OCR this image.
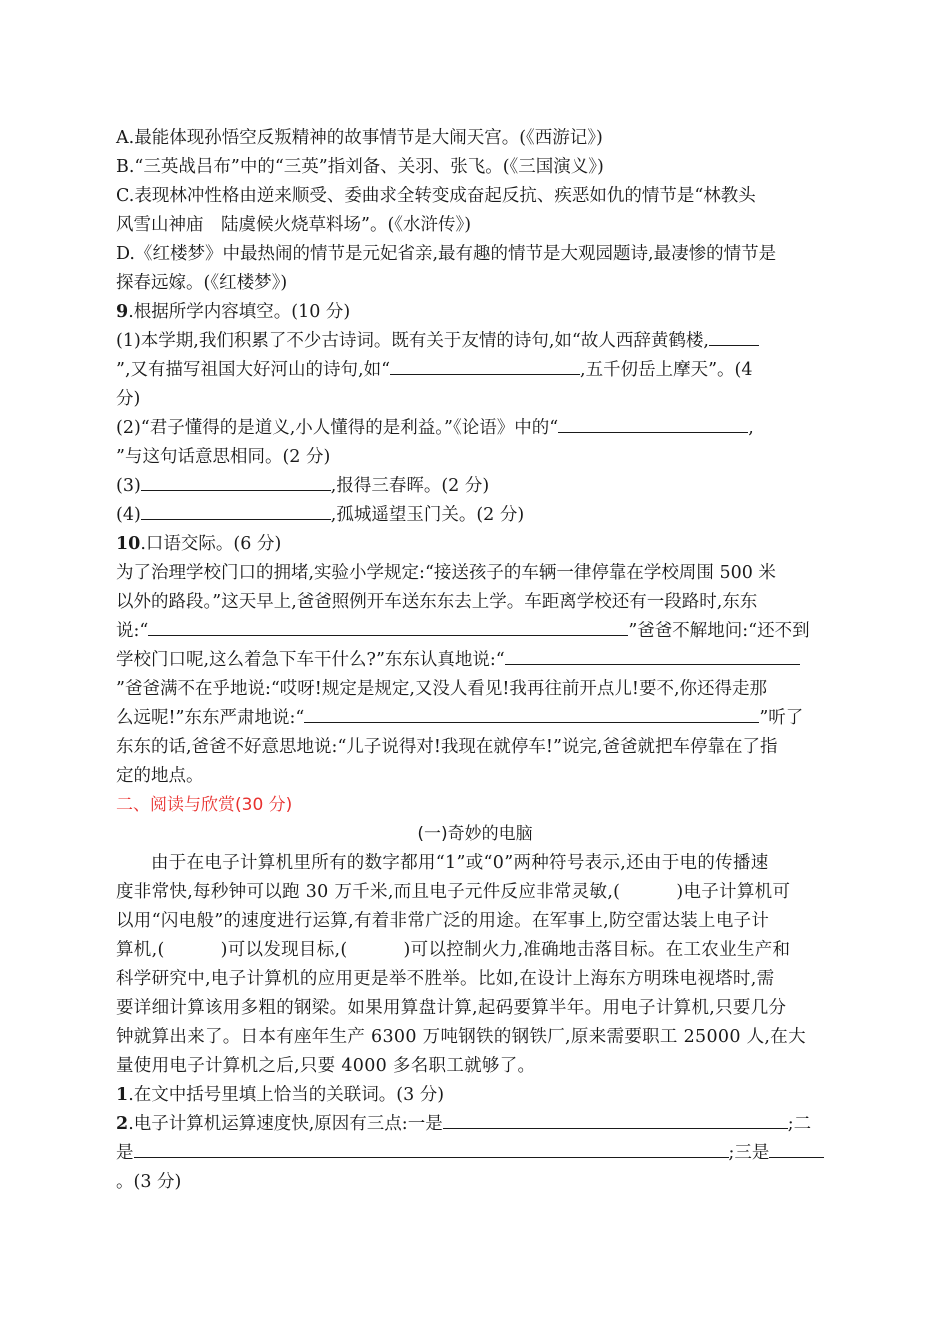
A.最能体现孙悟空反叛精神的故事情节是大闹天宫。(《西游记》)
B.“三英战吕布”中的“三英”指刘备、关羽、张飞。(《三国演义》)
C.表现林冲性格由逆来顺受、委曲求全转变成奋起反抗、疾恶如仇的情节是“林教头
风雪山神庙　陆虞候火烧草料场”。(《水浒传》)
D.《红楼梦》中最热闹的情节是元妃省亲,最有趣的情节是大观园题诗,最凄惨的情节是
探春远嫁。(《红楼梦》)
9.根据所学内容填空。(10 分)
(1)本学期,我们积累了不少古诗词。既有关于友情的诗句,如“故人西辞黄鹤楼,
”,又有描写祖国大好河山的诗句,如“	,五千仞岳上摩天”。(4
分)
(2)“君子懂得的是道义,小人懂得的是利益。”《论语》中的“	,
”与这句话意思相同。(2 分)
(3)	,报得三春晖。(2 分)
(4)	,孤城遥望玉门关。(2 分)
10.口语交际。(6 分)
为了治理学校门口的拥堵,实验小学规定:“接送孩子的车辆一律停靠在学校周围 500 米
以外的路段。”这天早上,爸爸照例开车送东东去上学。车距离学校还有一段路时,东东
说:“	”爸爸不解地问:“还不到
学校门口呢,这么着急下车干什么?”东东认真地说:“
”爸爸满不在乎地说:“哎呀!规定是规定,又没人看见!我再往前开点儿!要不,你还得走那
么远呢!”东东严肃地说:“	”听了
东东的话,爸爸不好意思地说:“儿子说得对!我现在就停车!”说完,爸爸就把车停靠在了指
定的地点。
二、阅读与欣赏(30 分)
(一)奇妙的电脑
由于在电子计算机里所有的数字都用“1”或“0”两种符号表示,还由于电的传播速
度非常快,每秒钟可以跑 30 万千米,而且电子元件反应非常灵敏,(	)电子计算机可
以用“闪电般”的速度进行运算,有着非常广泛的用途。在军事上,防空雷达装上电子计
算机,(	)可以发现目标,(	)可以控制火力,准确地击落目标。在工农业生产和
科学研究中,电子计算机的应用更是举不胜举。比如,在设计上海东方明珠电视塔时,需
要详细计算该用多粗的钢梁。如果用算盘计算,起码要算半年。用电子计算机,只要几分
钟就算出来了。日本有座年生产 6300 万吨钢铁的钢铁厂,原来需要职工 25000 人,在大
量使用电子计算机之后,只要 4000 多名职工就够了。
1.在文中括号里填上恰当的关联词。(3 分)
2.电子计算机运算速度快,原因有三点:一是	;二
是	;三是
。(3 分)
